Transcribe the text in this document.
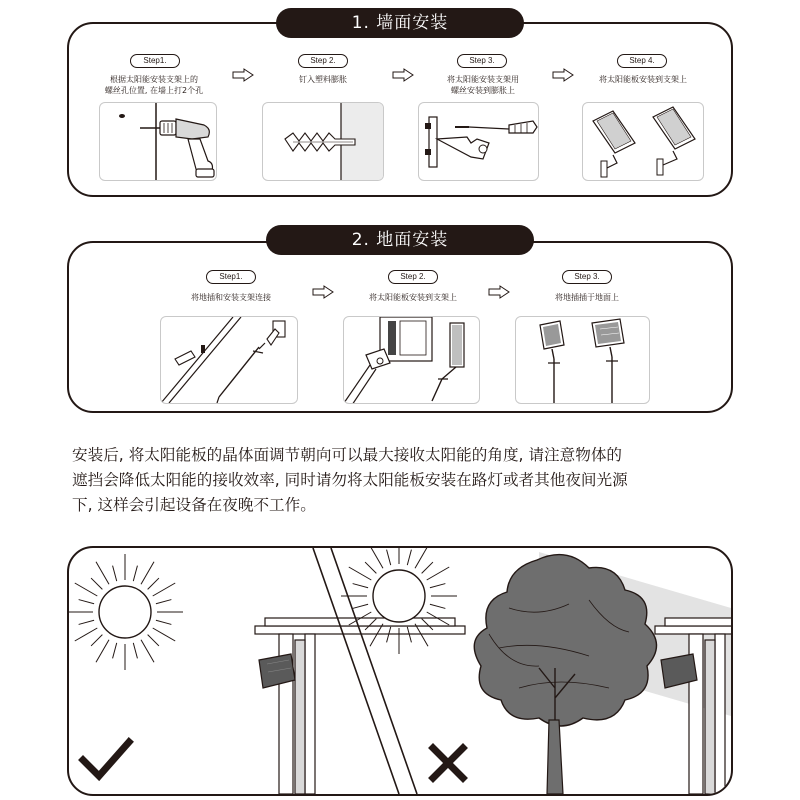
1. 墙面安装
Step1.
根据太阳能安装支架上的
螺丝孔位置, 在墙上打2个孔
Step 2.
钉入塑料膨胀
Step 3.
将太阳能安装支架用
螺丝安装到膨胀上
Step 4.
将太阳能板安装到支架上
2. 地面安装
Step1.
将地插和安装支架连接
Step 2.
将太阳能板安装到支架上
Step 3.
将地插插于地面上
安装后, 将太阳能板的晶体面调节朝向可以最大接收太阳能的角度, 请注意物体的
遮挡会降低太阳能的接收效率, 同时请勿将太阳能板安装在路灯或者其他夜间光源
下, 这样会引起设备在夜晚不工作。
